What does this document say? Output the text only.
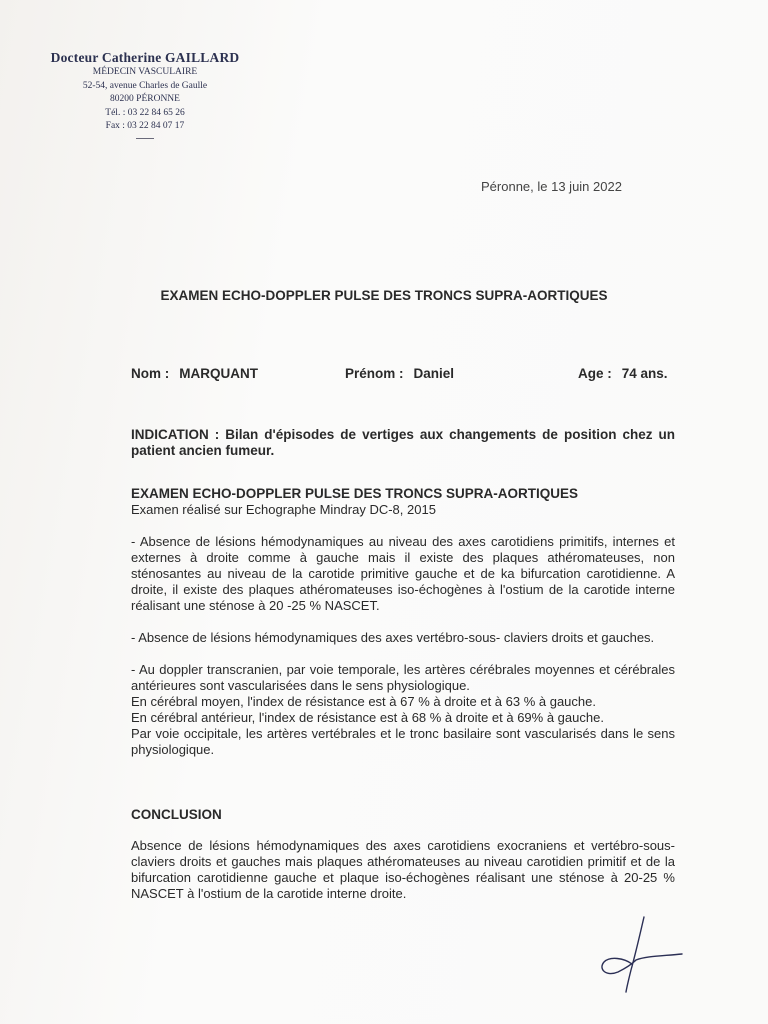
Docteur Catherine GAILLARD
MÉDECIN VASCULAIRE
52-54, avenue Charles de Gaulle
80200 PÉRONNE
Tél. : 03 22 84 65 26
Fax : 03 22 84 07 17
Péronne, le 13 juin 2022
EXAMEN ECHO-DOPPLER PULSE DES TRONCS SUPRA-AORTIQUES
Nom : MARQUANT	Prénom : Daniel	Age : 74 ans.
INDICATION : Bilan d'épisodes de vertiges aux changements de position chez un patient ancien fumeur.
EXAMEN ECHO-DOPPLER PULSE DES TRONCS SUPRA-AORTIQUES
Examen réalisé sur Echographe Mindray DC-8, 2015

- Absence de lésions hémodynamiques au niveau des axes carotidiens primitifs, internes et externes à droite comme à gauche mais il existe des plaques athéromateuses, non sténosantes au niveau de la carotide primitive gauche et de ka bifurcation carotidienne. A droite, il existe des plaques athéromateuses iso-échogènes à l'ostium de la carotide interne réalisant une sténose à 20 -25 % NASCET.

- Absence de lésions hémodynamiques des axes vertébro-sous- claviers droits et gauches.

- Au doppler transcranien, par voie temporale, les artères cérébrales moyennes et cérébrales antérieures sont vascularisées dans le sens physiologique.

En cérébral moyen, l'index de résistance est à 67 % à droite et à 63 % à gauche.

En cérébral antérieur, l'index de résistance est à 68 % à droite et à 69% à gauche.

Par voie occipitale, les artères vertébrales et le tronc basilaire sont vascularisés dans le sens physiologique.

CONCLUSION
Absence de lésions hémodynamiques des axes carotidiens exocraniens et vertébro-sous-claviers droits et gauches mais plaques athéromateuses au niveau carotidien primitif et de la bifurcation carotidienne gauche et plaque iso-échogènes réalisant une sténose à 20-25 % NASCET à l'ostium de la carotide interne droite.
